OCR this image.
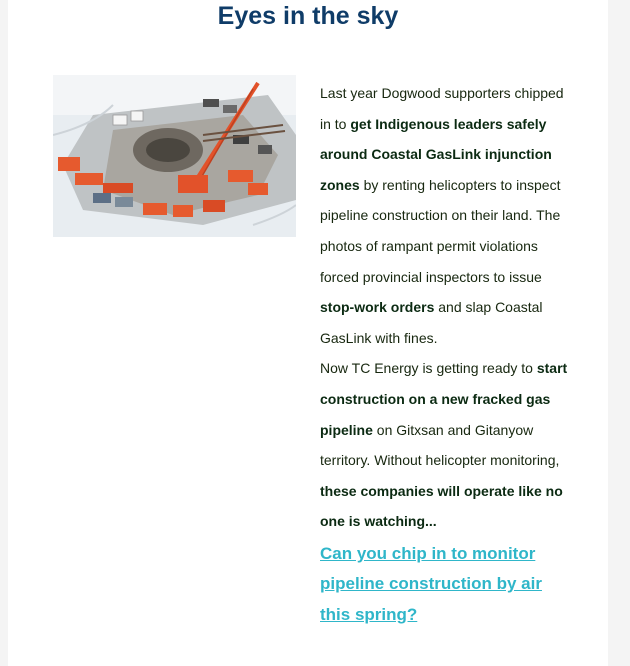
Eyes in the sky

Last year Dogwood supporters chipped in to get Indigenous leaders safely around Coastal GasLink injunction zones by renting helicopters to inspect pipeline construction on their land. The photos of rampant permit violations forced provincial inspectors to issue stop-work orders and slap Coastal GasLink with fines.

Now TC Energy is getting ready to start construction on a new fracked gas pipeline on Gitxsan and Gitanyow territory. Without helicopter monitoring, these companies will operate like no one is watching...

Can you chip in to monitor pipeline construction by air this spring?
